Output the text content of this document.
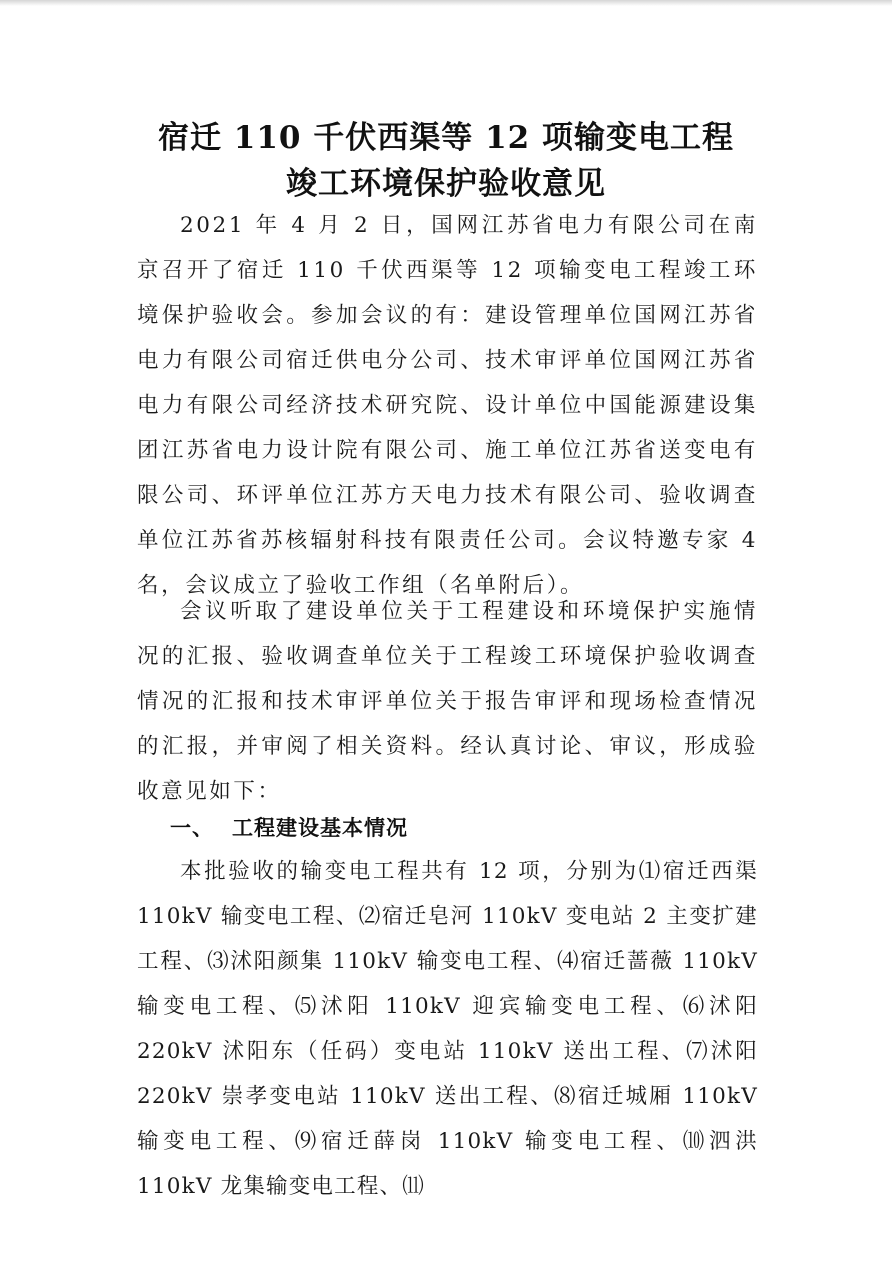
宿迁 110 千伏西渠等 12 项输变电工程
竣工环境保护验收意见
2021 年 4 月 2 日，国网江苏省电力有限公司在南京召开了宿迁 110 千伏西渠等 12 项输变电工程竣工环境保护验收会。参加会议的有：建设管理单位国网江苏省电力有限公司宿迁供电分公司、技术审评单位国网江苏省电力有限公司经济技术研究院、设计单位中国能源建设集团江苏省电力设计院有限公司、施工单位江苏省送变电有限公司、环评单位江苏方天电力技术有限公司、验收调查单位江苏省苏核辐射科技有限责任公司。会议特邀专家 4 名，会议成立了验收工作组（名单附后）。
会议听取了建设单位关于工程建设和环境保护实施情况的汇报、验收调查单位关于工程竣工环境保护验收调查情况的汇报和技术审评单位关于报告审评和现场检查情况的汇报，并审阅了相关资料。经认真讨论、审议，形成验收意见如下：
一、 工程建设基本情况
本批验收的输变电工程共有 12 项，分别为⑴宿迁西渠 110kV 输变电工程、⑵宿迁皂河 110kV 变电站 2 主变扩建工程、⑶沭阳颜集 110kV 输变电工程、⑷宿迁蔷薇 110kV 输变电工程、⑸沭阳 110kV 迎宾输变电工程、⑹沭阳 220kV 沭阳东（任码）变电站 110kV 送出工程、⑺沭阳 220kV 崇孝变电站 110kV 送出工程、⑻宿迁城厢 110kV 输变电工程、⑼宿迁薛岗 110kV 输变电工程、⑽泗洪 110kV 龙集输变电工程、⑾
